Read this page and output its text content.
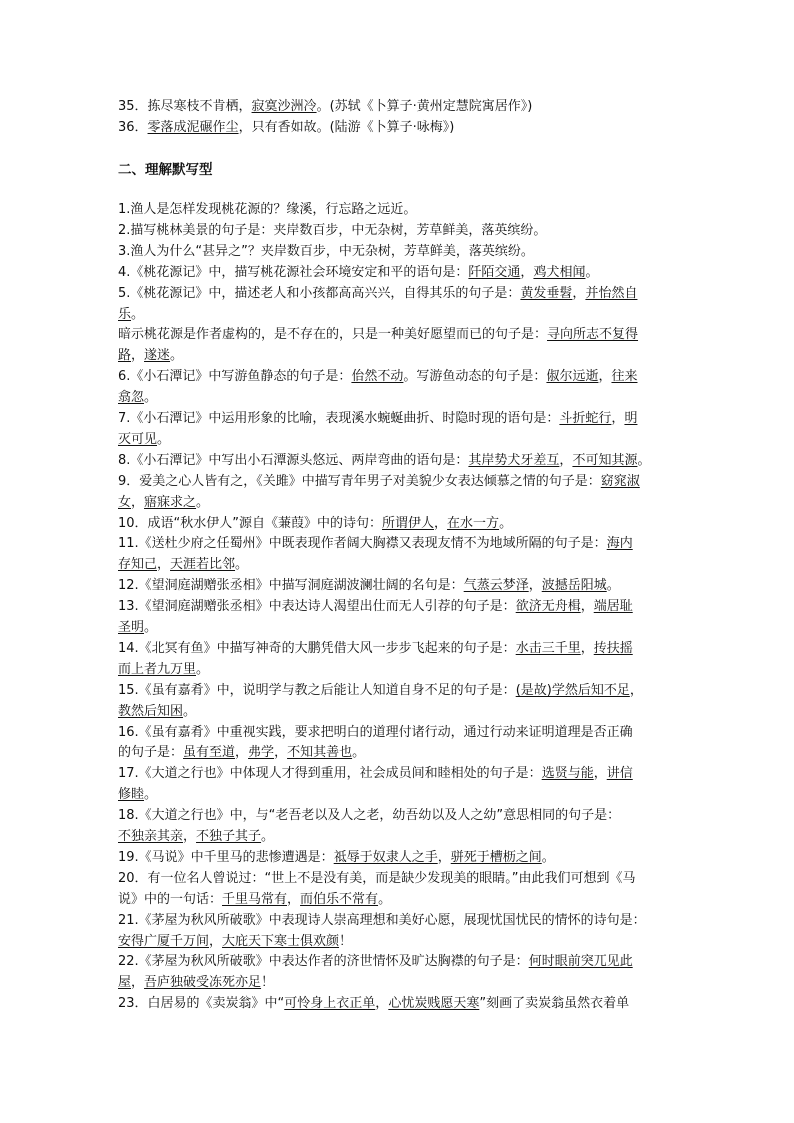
35．拣尽寒枝不肯栖，寂寞沙洲冷。(苏轼《卜算子·黄州定慧院寓居作》)
36．零落成泥碾作尘，只有香如故。(陆游《卜算子·咏梅》)
二、理解默写型
1.渔人是怎样发现桃花源的？缘溪，行忘路之远近。
2.描写桃林美景的句子是：夹岸数百步，中无杂树，芳草鲜美，落英缤纷。
3.渔人为什么“甚异之”？夹岸数百步，中无杂树，芳草鲜美，落英缤纷。
4.《桃花源记》中，描写桃花源社会环境安定和平的语句是：阡陌交通，鸡犬相闻。
5.《桃花源记》中，描述老人和小孩都高高兴兴，自得其乐的句子是：黄发垂髫，并怡然自
乐。
暗示桃花源是作者虚构的，是不存在的，只是一种美好愿望而已的句子是：寻向所志不复得
路，遂迷。
6.《小石潭记》中写游鱼静态的句子是：佁然不动。写游鱼动态的句子是：俶尔远逝，往来
翕忽。
7.《小石潭记》中运用形象的比喻，表现溪水蜿蜒曲折、时隐时现的语句是：斗折蛇行，明
灭可见。
8.《小石潭记》中写出小石潭源头悠远、两岸弯曲的语句是：其岸势犬牙差互，不可知其源。
9．爱美之心人皆有之，《关雎》中描写青年男子对美貌少女表达倾慕之情的句子是：窈窕淑
女，寤寐求之。
10．成语“秋水伊人”源自《蒹葭》中的诗句：所谓伊人，在水一方。
11.《送杜少府之任蜀州》中既表现作者阔大胸襟又表现友情不为地域所隔的句子是：海内
存知己，天涯若比邻。
12.《望洞庭湖赠张丞相》中描写洞庭湖波澜壮阔的名句是：气蒸云梦泽，波撼岳阳城。
13.《望洞庭湖赠张丞相》中表达诗人渴望出仕而无人引荐的句子是：欲济无舟楫，端居耻
圣明。
14.《北冥有鱼》中描写神奇的大鹏凭借大风一步步飞起来的句子是：水击三千里，抟扶摇
而上者九万里。
15.《虽有嘉肴》中，说明学与教之后能让人知道自身不足的句子是：(是故)学然后知不足，
教然后知困。
16.《虽有嘉肴》中重视实践，要求把明白的道理付诸行动，通过行动来证明道理是否正确
的句子是：虽有至道，弗学，不知其善也。
17.《大道之行也》中体现人才得到重用，社会成员间和睦相处的句子是：选贤与能，讲信
修睦。
18.《大道之行也》中，与“老吾老以及人之老，幼吾幼以及人之幼”意思相同的句子是：
不独亲其亲，不独子其子。
19.《马说》中千里马的悲惨遭遇是：祗辱于奴隶人之手，骈死于槽枥之间。
20．有一位名人曾说过：“世上不是没有美，而是缺少发现美的眼睛。”由此我们可想到《马
说》中的一句话：千里马常有，而伯乐不常有。
21.《茅屋为秋风所破歌》中表现诗人崇高理想和美好心愿，展现忧国忧民的情怀的诗句是：
安得广厦千万间，大庇天下寒士俱欢颜！
22.《茅屋为秋风所破歌》中表达作者的济世情怀及旷达胸襟的句子是：何时眼前突兀见此
屋，吾庐独破受冻死亦足！
23．白居易的《卖炭翁》中“可怜身上衣正单，心忧炭贱愿天寒”刻画了卖炭翁虽然衣着单
